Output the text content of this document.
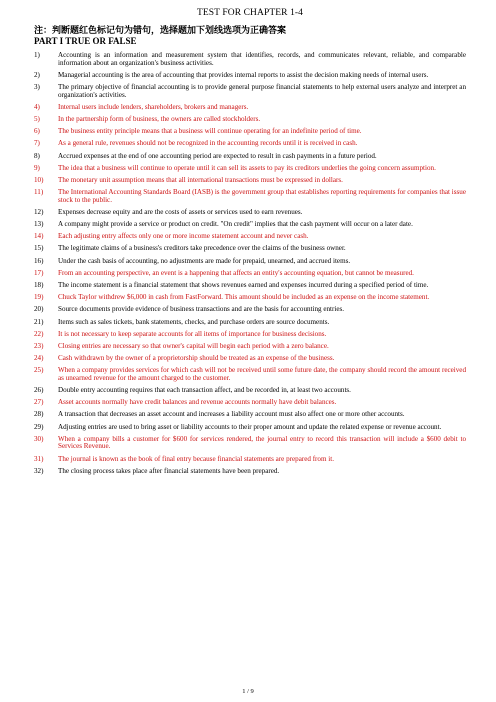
TEST FOR CHAPTER 1-4
注：判断题红色标记句为错句，选择题加下划线选项为正确答案
PART I TRUE OR FALSE
1)	Accounting is an information and measurement system that identifies, records, and communicates relevant, reliable, and comparable information about an organization's business activities.
2)	Managerial accounting is the area of accounting that provides internal reports to assist the decision making needs of internal users.
3)	The primary objective of financial accounting is to provide general purpose financial statements to help external users analyze and interpret an organization's activities.
4)	Internal users include lenders, shareholders, brokers and managers.
5)	In the partnership form of business, the owners are called stockholders.
6)	The business entity principle means that a business will continue operating for an indefinite period of time.
7)	As a general rule, revenues should not be recognized in the accounting records until it is received in cash.
8)	Accrued expenses at the end of one accounting period are expected to result in cash payments in a future period.
9)	The idea that a business will continue to operate until it can sell its assets to pay its creditors underlies the going concern assumption.
10)	The monetary unit assumption means that all international transactions must be expressed in dollars.
11)	The International Accounting Standards Board (IASB) is the government group that establishes reporting requirements for companies that issue stock to the public.
12)	Expenses decrease equity and are the costs of assets or services used to earn revenues.
13)	A company might provide a service or product on credit. "On credit" implies that the cash payment will occur on a later date.
14)	Each adjusting entry affects only one or more income statement account and never cash.
15)	The legitimate claims of a business's creditors take precedence over the claims of the business owner.
16)	Under the cash basis of accounting, no adjustments are made for prepaid, unearned, and accrued items.
17)	From an accounting perspective, an event is a happening that affects an entity's accounting equation, but cannot be measured.
18)	The income statement is a financial statement that shows revenues earned and expenses incurred during a specified period of time.
19)	Chuck Taylor withdrew $6,000 in cash from FastForward. This amount should be included as an expense on the income statement.
20)	Source documents provide evidence of business transactions and are the basis for accounting entries.
21)	Items such as sales tickets, bank statements, checks, and purchase orders are source documents.
22)	It is not necessary to keep separate accounts for all items of importance for business decisions.
23)	Closing entries are necessary so that owner's capital will begin each period with a zero balance.
24)	Cash withdrawn by the owner of a proprietorship should be treated as an expense of the business.
25)	When a company provides services for which cash will not be received until some future date, the company should record the amount received as unearned revenue for the amount charged to the customer.
26)	Double entry accounting requires that each transaction affect, and be recorded in, at least two accounts.
27)	Asset accounts normally have credit balances and revenue accounts normally have debit balances.
28)	A transaction that decreases an asset account and increases a liability account must also affect one or more other accounts.
29)	Adjusting entries are used to bring asset or liability accounts to their proper amount and update the related expense or revenue account.
30)	When a company bills a customer for $600 for services rendered, the journal entry to record this transaction will include a $600 debit to Services Revenue.
31)	The journal is known as the book of final entry because financial statements are prepared from it.
32)	The closing process takes place after financial statements have been prepared.
1 / 9
